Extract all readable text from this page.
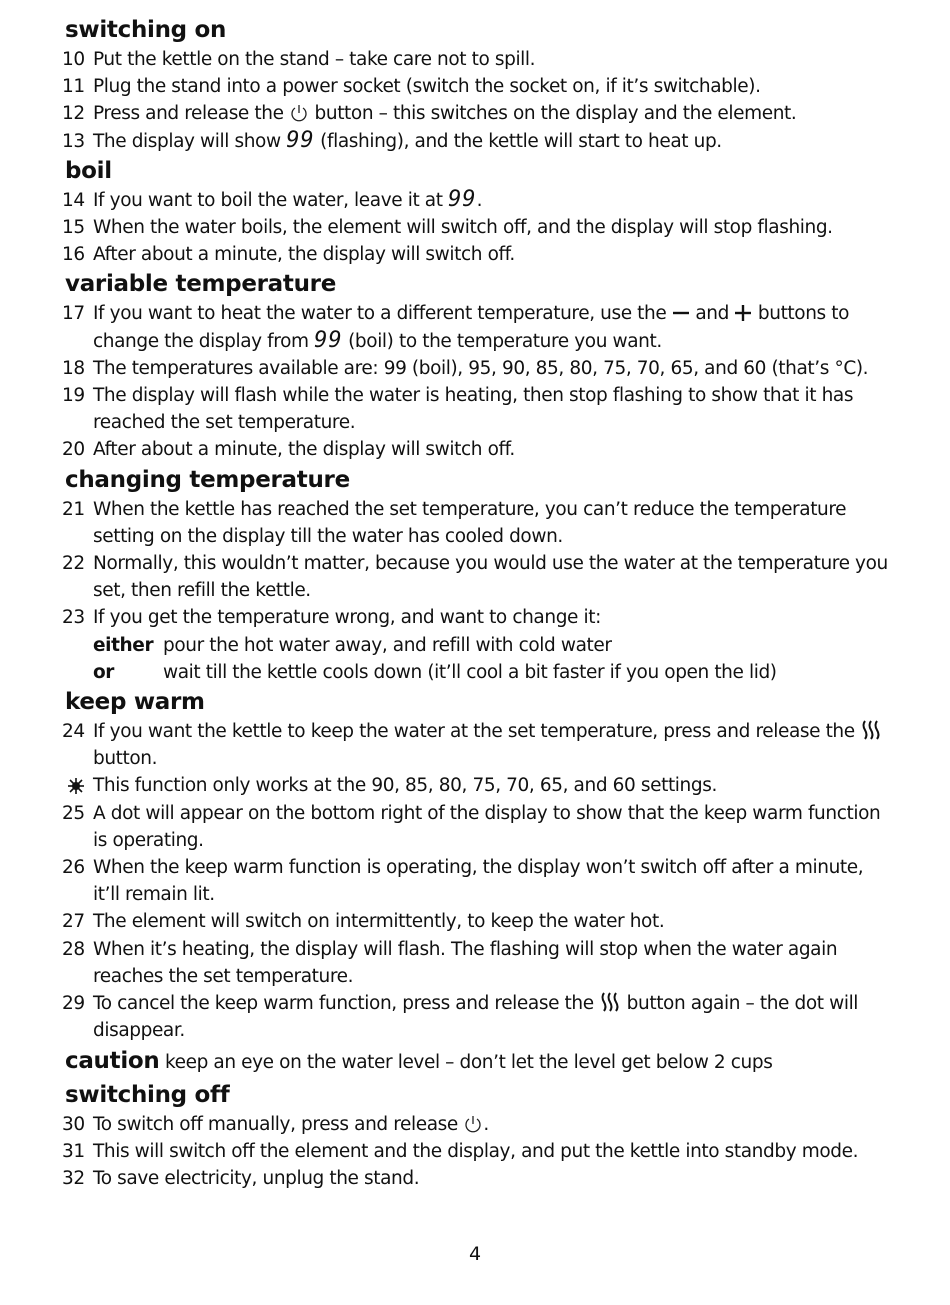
switching on
10 Put the kettle on the stand – take care not to spill.
11 Plug the stand into a power socket (switch the socket on, if it’s switchable).
12 Press and release the button – this switches on the display and the element.
13 The display will show 99 (flashing), and the kettle will start to heat up.
boil
14 If you want to boil the water, leave it at 99.
15 When the water boils, the element will switch off, and the display will stop flashing.
16 After about a minute, the display will switch off.
variable temperature
17 If you want to heat the water to a different temperature, use the and buttons to change the display from 99 (boil) to the temperature you want.
18 The temperatures available are: 99 (boil), 95, 90, 85, 80, 75, 70, 65, and 60 (that’s °C).
19 The display will flash while the water is heating, then stop flashing to show that it has reached the set temperature.
20 After about a minute, the display will switch off.
changing temperature
21 When the kettle has reached the set temperature, you can’t reduce the temperature setting on the display till the water has cooled down.
22 Normally, this wouldn’t matter, because you would use the water at the temperature you set, then refill the kettle.
23 If you get the temperature wrong, and want to change it:
either pour the hot water away, and refill with cold water
or	wait till the kettle cools down (it’ll cool a bit faster if you open the lid)
keep warm
24 If you want the kettle to keep the water at the set temperature, press and release the  button.
This function only works at the 90, 85, 80, 75, 70, 65, and 60 settings.
25 A dot will appear on the bottom right of the display to show that the keep warm function is operating.
26 When the keep warm function is operating, the display won’t switch off after a minute, it’ll remain lit.
27 The element will switch on intermittently, to keep the water hot.
28 When it’s heating, the display will flash. The flashing will stop when the water again reaches the set temperature.
29 To cancel the keep warm function, press and release the button again – the dot will disappear.
caution keep an eye on the water level – don’t let the level get below 2 cups
switching off
30 To switch off manually, press and release .
31 This will switch off the element and the display, and put the kettle into standby mode.
32 To save electricity, unplug the stand.
4
